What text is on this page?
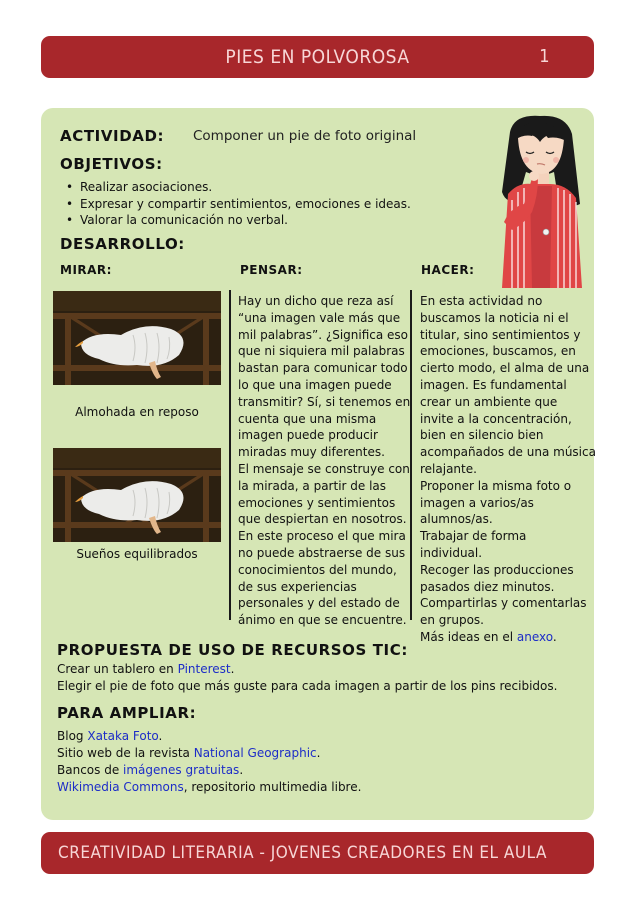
PIES EN POLVOROSA	1
ACTIVIDAD: Componer un pie de foto original
OBJETIVOS:
• Realizar asociaciones.
• Expresar y compartir sentimientos, emociones e ideas.
• Valorar la comunicación no verbal.
DESARROLLO:
MIRAR:	PENSAR:	HACER:
Almohada en reposo
Sueños equilibrados
Hay un dicho que reza así
“una imagen vale más que
mil palabras”. ¿Significa eso
que ni siquiera mil palabras
bastan para comunicar todo
lo que una imagen puede
transmitir? Sí, si tenemos en
cuenta que una misma
imagen puede producir
miradas muy diferentes.
El mensaje se construye con
la mirada, a partir de las
emociones y sentimientos
que despiertan en nosotros.
En este proceso el que mira
no puede abstraerse de sus
conocimientos del mundo,
de sus experiencias
personales y del estado de
ánimo en que se encuentre.
En esta actividad no
buscamos la noticia ni el
titular, sino sentimientos y
emociones, buscamos, en
cierto modo, el alma de una
imagen. Es fundamental
crear un ambiente que
invite a la concentración,
bien en silencio bien
acompañados de una música
relajante.
Proponer la misma foto o
imagen a varios/as
alumnos/as.
Trabajar de forma
individual.
Recoger las producciones
pasados diez minutos.
Compartirlas y comentarlas
en grupos.
Más ideas en el anexo.
PROPUESTA DE USO DE RECURSOS TIC:
Crear un tablero en Pinterest.
Elegir el pie de foto que más guste para cada imagen a partir de los pins recibidos.
PARA AMPLIAR:
Blog Xataka Foto.
Sitio web de la revista National Geographic.
Bancos de imágenes gratuitas.
Wikimedia Commons, repositorio multimedia libre.
CREATIVIDAD LITERARIA - JOVENES CREADORES EN EL AULA
